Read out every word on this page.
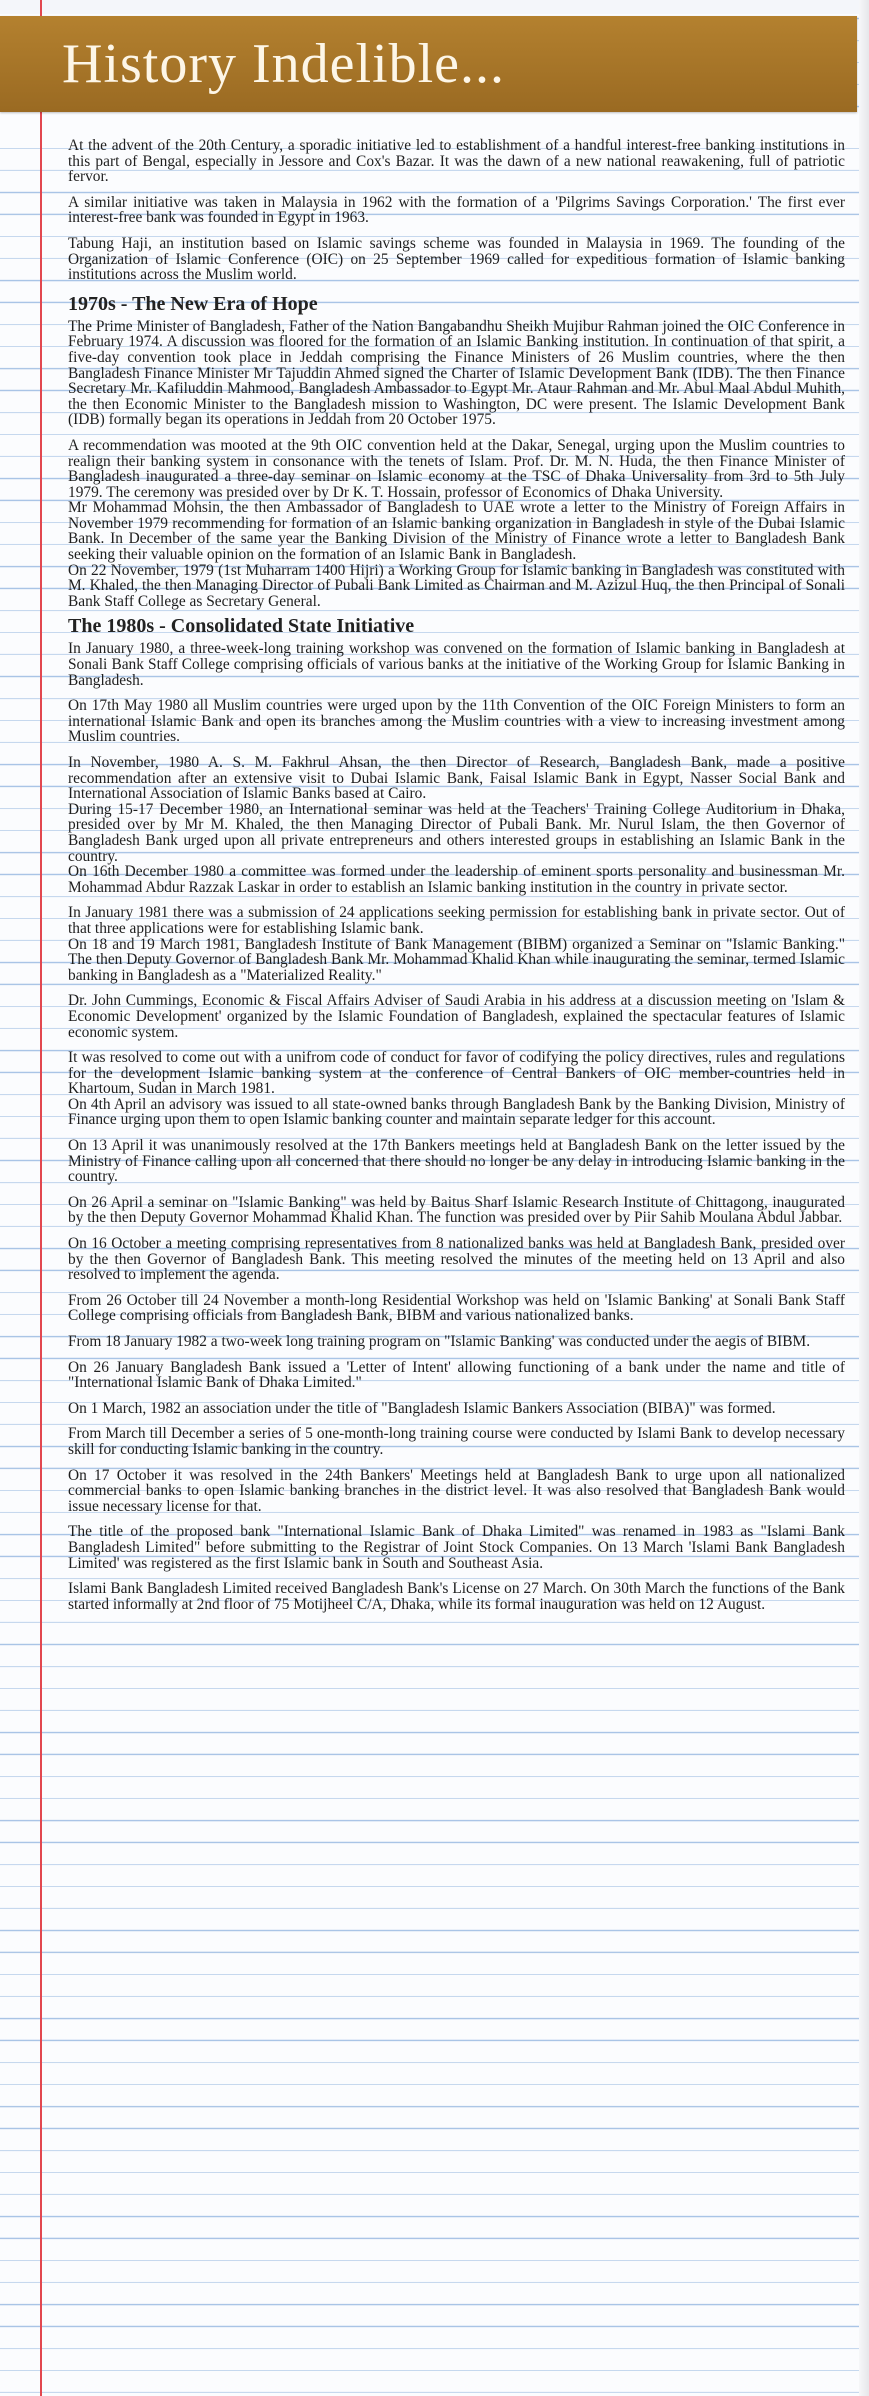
History Indelible...

At the advent of the 20th Century, a sporadic initiative led to establishment of a handful interest-free banking institutions in this part of Bengal, especially in Jessore and Cox's Bazar. It was the dawn of a new national reawakening, full of patriotic fervor.

A similar initiative was taken in Malaysia in 1962 with the formation of a 'Pilgrims Savings Corporation.' The first ever interest-free bank was founded in Egypt in 1963.

Tabung Haji, an institution based on Islamic savings scheme was founded in Malaysia in 1969. The founding of the Organization of Islamic Conference (OIC) on 25 September 1969 called for expeditious formation of Islamic banking institutions across the Muslim world.

1970s - The New Era of Hope

The Prime Minister of Bangladesh, Father of the Nation Bangabandhu Sheikh Mujibur Rahman joined the OIC Conference in February 1974. A discussion was floored for the formation of an Islamic Banking institution. In continuation of that spirit, a five-day convention took place in Jeddah comprising the Finance Ministers of 26 Muslim countries, where the then Bangladesh Finance Minister Mr Tajuddin Ahmed signed the Charter of Islamic Development Bank (IDB). The then Finance Secretary Mr. Kafiluddin Mahmood, Bangladesh Ambassador to Egypt Mr. Ataur Rahman and Mr. Abul Maal Abdul Muhith, the then Economic Minister to the Bangladesh mission to Washington, DC were present. The Islamic Development Bank (IDB) formally began its operations in Jeddah from 20 October 1975.

A recommendation was mooted at the 9th OIC convention held at the Dakar, Senegal, urging upon the Muslim countries to realign their banking system in consonance with the tenets of Islam. Prof. Dr. M. N. Huda, the then Finance Minister of Bangladesh inaugurated a three-day seminar on Islamic economy at the TSC of Dhaka Universality from 3rd to 5th July 1979. The ceremony was presided over by Dr K. T. Hossain, professor of Economics of Dhaka University.

Mr Mohammad Mohsin, the then Ambassador of Bangladesh to UAE wrote a letter to the Ministry of Foreign Affairs in November 1979 recommending for formation of an Islamic banking organization in Bangladesh in style of the Dubai Islamic Bank. In December of the same year the Banking Division of the Ministry of Finance wrote a letter to Bangladesh Bank seeking their valuable opinion on the formation of an Islamic Bank in Bangladesh.

On 22 November, 1979 (1st Muharram 1400 Hijri) a Working Group for Islamic banking in Bangladesh was constituted with M. Khaled, the then Managing Director of Pubali Bank Limited as Chairman and M. Azizul Huq, the then Principal of Sonali Bank Staff College as Secretary General.

The 1980s - Consolidated State Initiative

In January 1980, a three-week-long training workshop was convened on the formation of Islamic banking in Bangladesh at Sonali Bank Staff College comprising officials of various banks at the initiative of the Working Group for Islamic Banking in Bangladesh.

On 17th May 1980 all Muslim countries were urged upon by the 11th Convention of the OIC Foreign Ministers to form an international Islamic Bank and open its branches among the Muslim countries with a view to increasing investment among Muslim countries.

In November, 1980 A. S. M. Fakhrul Ahsan, the then Director of Research, Bangladesh Bank, made a positive recommendation after an extensive visit to Dubai Islamic Bank, Faisal Islamic Bank in Egypt, Nasser Social Bank and International Association of Islamic Banks based at Cairo.

During 15-17 December 1980, an International seminar was held at the Teachers' Training College Auditorium in Dhaka, presided over by Mr M. Khaled, the then Managing Director of Pubali Bank. Mr. Nurul Islam, the then Governor of Bangladesh Bank urged upon all private entrepreneurs and others interested groups in establishing an Islamic Bank in the country.

On 16th December 1980 a committee was formed under the leadership of eminent sports personality and businessman Mr. Mohammad Abdur Razzak Laskar in order to establish an Islamic banking institution in the country in private sector.

In January 1981 there was a submission of 24 applications seeking permission for establishing bank in private sector. Out of that three applications were for establishing Islamic bank.

On 18 and 19 March 1981, Bangladesh Institute of Bank Management (BIBM) organized a Seminar on "Islamic Banking." The then Deputy Governor of Bangladesh Bank Mr. Mohammad Khalid Khan while inaugurating the seminar, termed Islamic banking in Bangladesh as a "Materialized Reality."

Dr. John Cummings, Economic & Fiscal Affairs Adviser of Saudi Arabia in his address at a discussion meeting on 'Islam & Economic Development' organized by the Islamic Foundation of Bangladesh, explained the spectacular features of Islamic economic system.

It was resolved to come out with a unifrom code of conduct for favor of codifying the policy directives, rules and regulations for the development Islamic banking system at the conference of Central Bankers of OIC member-countries held in Khartoum, Sudan in March 1981.

On 4th April an advisory was issued to all state-owned banks through Bangladesh Bank by the Banking Division, Ministry of Finance urging upon them to open Islamic banking counter and maintain separate ledger for this account.

On 13 April it was unanimously resolved at the 17th Bankers meetings held at Bangladesh Bank on the letter issued by the Ministry of Finance calling upon all concerned that there should no longer be any delay in introducing Islamic banking in the country.

On 26 April a seminar on "Islamic Banking" was held by Baitus Sharf Islamic Research Institute of Chittagong, inaugurated by the then Deputy Governor Mohammad Khalid Khan. The function was presided over by Piir Sahib Moulana Abdul Jabbar.

On 16 October a meeting comprising representatives from 8 nationalized banks was held at Bangladesh Bank, presided over by the then Governor of Bangladesh Bank. This meeting resolved the minutes of the meeting held on 13 April and also resolved to implement the agenda.

From 26 October till 24 November a month-long Residential Workshop was held on 'Islamic Banking' at Sonali Bank Staff College comprising officials from Bangladesh Bank, BIBM and various nationalized banks.

From 18 January 1982 a two-week long training program on "Islamic Banking' was conducted under the aegis of BIBM.

On 26 January Bangladesh Bank issued a 'Letter of Intent' allowing functioning of a bank under the name and title of "International Islamic Bank of Dhaka Limited."

On 1 March, 1982 an association under the title of "Bangladesh Islamic Bankers Association (BIBA)" was formed.

From March till December a series of 5 one-month-long training course were conducted by Islami Bank to develop necessary skill for conducting Islamic banking in the country.

On 17 October it was resolved in the 24th Bankers' Meetings held at Bangladesh Bank to urge upon all nationalized commercial banks to open Islamic banking branches in the district level. It was also resolved that Bangladesh Bank would issue necessary license for that.

The title of the proposed bank "International Islamic Bank of Dhaka Limited" was renamed in 1983 as "Islami Bank Bangladesh Limited" before submitting to the Registrar of Joint Stock Companies. On 13 March 'Islami Bank Bangladesh Limited' was registered as the first Islamic bank in South and Southeast Asia.

Islami Bank Bangladesh Limited received Bangladesh Bank's License on 27 March. On 30th March the functions of the Bank started informally at 2nd floor of 75 Motijheel C/A, Dhaka, while its formal inauguration was held on 12 August.
